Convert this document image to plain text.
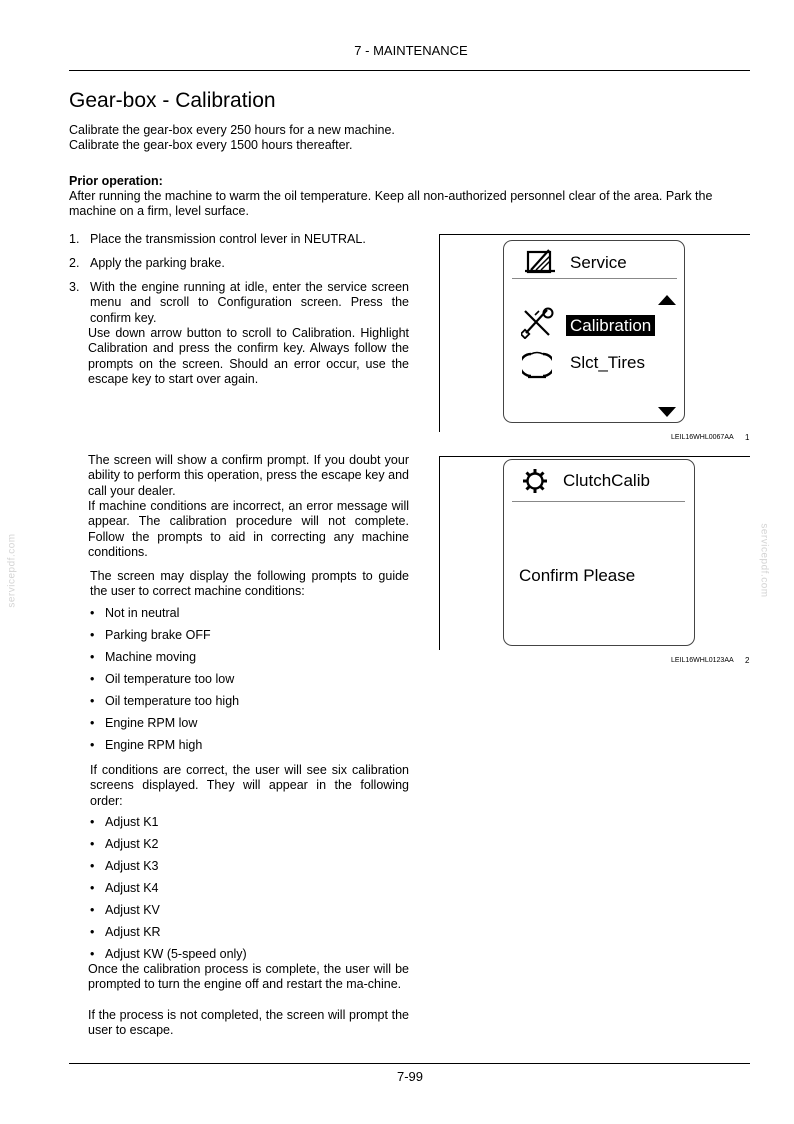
7 - MAINTENANCE
Gear-box - Calibration
Calibrate the gear-box every 250 hours for a new machine.
Calibrate the gear-box every 1500 hours thereafter.
Prior operation:
After running the machine to warm the oil temperature. Keep all non-authorized personnel clear of the area. Park the
machine on a firm, level surface.
1. Place the transmission control lever in NEUTRAL.
2. Apply the parking brake.
3. With the engine running at idle, enter the service screen menu and scroll to Configuration screen. Press the confirm key.
Use down arrow button to scroll to Calibration. Highlight Calibration and press the confirm key. Always follow the prompts on the screen. Should an error occur, use the escape key to start over again.
The screen will show a confirm prompt. If you doubt your ability to perform this operation, press the escape key and call your dealer.
If machine conditions are incorrect, an error message will appear. The calibration procedure will not complete. Follow the prompts to aid in correcting any machine conditions.
The screen may display the following prompts to guide the user to correct machine conditions:
• Not in neutral
• Parking brake OFF
• Machine moving
• Oil temperature too low
• Oil temperature too high
• Engine RPM low
• Engine RPM high
If conditions are correct, the user will see six calibration screens displayed. They will appear in the following order:
• Adjust K1
• Adjust K2
• Adjust K3
• Adjust K4
• Adjust KV
• Adjust KR
• Adjust KW (5-speed only)
Once the calibration process is complete, the user will be prompted to turn the engine off and restart the ma-chine.
If the process is not completed, the screen will prompt the user to escape.
Service
Calibration
Slct_Tires
LEIL16WHL0067AA 1
ClutchCalib
Confirm Please
LEIL16WHL0123AA 2
servicepdf.com	servicepdf.com
7-99
